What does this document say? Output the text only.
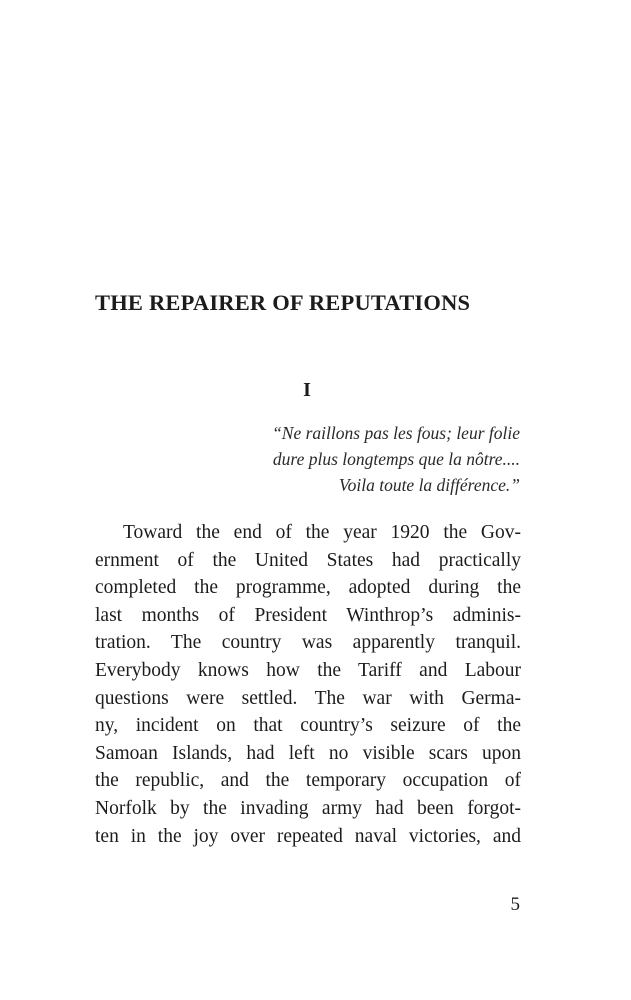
THE REPAIRER OF REPUTATIONS
I
“Ne raillons pas les fous; leur folie
dure plus longtemps que la nôtre....
Voila toute la différence.”
Toward the end of the year 1920 the Gov-
ernment of the United States had practically
completed the programme, adopted during the
last months of President Winthrop’s adminis-
tration. The country was apparently tranquil.
Everybody knows how the Tariff and Labour
questions were settled. The war with Germa-
ny, incident on that country’s seizure of the
Samoan Islands, had left no visible scars upon
the republic, and the temporary occupation of
Norfolk by the invading army had been forgot-
ten in the joy over repeated naval victories, and
5
